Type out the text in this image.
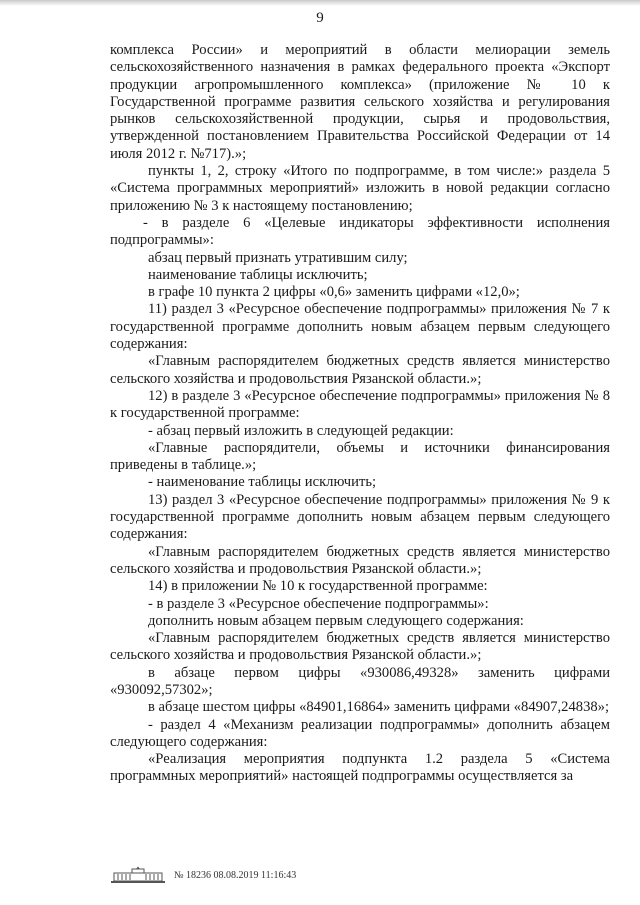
9

комплекса России» и мероприятий в области мелиорации земель сельскохозяйственного назначения в рамках федерального проекта «Экспорт продукции агропромышленного комплекса» (приложение № 10 к Государственной программе развития сельского хозяйства и регулирования рынков сельскохозяйственной продукции, сырья и продовольствия, утвержденной постановлением Правительства Российской Федерации от 14 июля 2012 г. №717).»;

пункты 1, 2, строку «Итого по подпрограмме, в том числе:» раздела 5 «Система программных мероприятий» изложить в новой редакции согласно приложению № 3 к настоящему постановлению;

- в разделе 6 «Целевые индикаторы эффективности исполнения подпрограммы»:

абзац первый признать утратившим силу;

наименование таблицы исключить;

в графе 10 пункта 2 цифры «0,6» заменить цифрами «12,0»;

11) раздел 3 «Ресурсное обеспечение подпрограммы» приложения № 7 к государственной программе дополнить новым абзацем первым следующего содержания:

«Главным распорядителем бюджетных средств является министерство сельского хозяйства и продовольствия Рязанской области.»;

12) в разделе 3 «Ресурсное обеспечение подпрограммы» приложения № 8 к государственной программе:

- абзац первый изложить в следующей редакции:

«Главные распорядители, объемы и источники финансирования приведены в таблице.»;

- наименование таблицы исключить;

13) раздел 3 «Ресурсное обеспечение подпрограммы» приложения № 9 к государственной программе дополнить новым абзацем первым следующего содержания:

«Главным распорядителем бюджетных средств является министерство сельского хозяйства и продовольствия Рязанской области.»;

14) в приложении № 10 к государственной программе:

- в разделе 3 «Ресурсное обеспечение подпрограммы»:

дополнить новым абзацем первым следующего содержания:

«Главным распорядителем бюджетных средств является министерство сельского хозяйства и продовольствия Рязанской области.»;

в абзаце первом цифры «930086,49328» заменить цифрами «930092,57302»;

в абзаце шестом цифры «84901,16864» заменить цифрами «84907,24838»;

- раздел 4 «Механизм реализации подпрограммы» дополнить абзацем следующего содержания:

«Реализация мероприятия подпункта 1.2 раздела 5 «Система программных мероприятий» настоящей подпрограммы осуществляется за

№ 18236 08.08.2019 11:16:43
